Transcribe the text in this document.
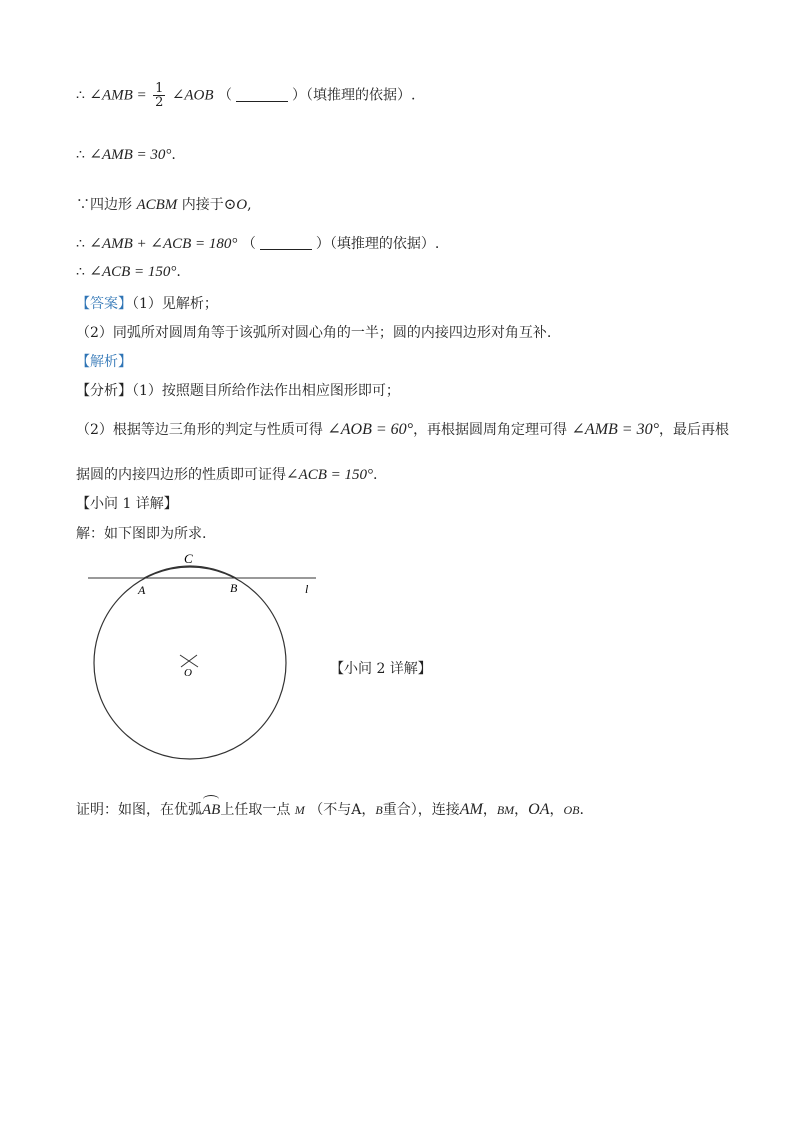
∴ ∠AMB = $\frac{1}{2}$ ∠AOB （	）（填推理的依据）.
∴ ∠AMB = 30°.
∵四边形 ACBM 内接于⊙O,
∴ ∠AMB + ∠ACB = 180° （	）（填推理的依据）.
∴ ∠ACB = 150°.
【答案】（1）见解析；
（2）同弧所对圆周角等于该弧所对圆心角的一半；圆的内接四边形对角互补.
【解析】
【分析】（1）按照题目所给作法作出相应图形即可；
（2）根据等边三角形的判定与性质可得 ∠AOB = 60°，再根据圆周角定理可得 ∠AMB = 30°，最后再根
据圆的内接四边形的性质即可证得∠ACB = 150°.
【小问 1 详解】
解：如下图即为所求.
C
A	B	l
O	【小问 2 详解】
证明：如图，在优弧AB上任取一点 M （不与A，B重合），连接AM，BM，OA，OB.
